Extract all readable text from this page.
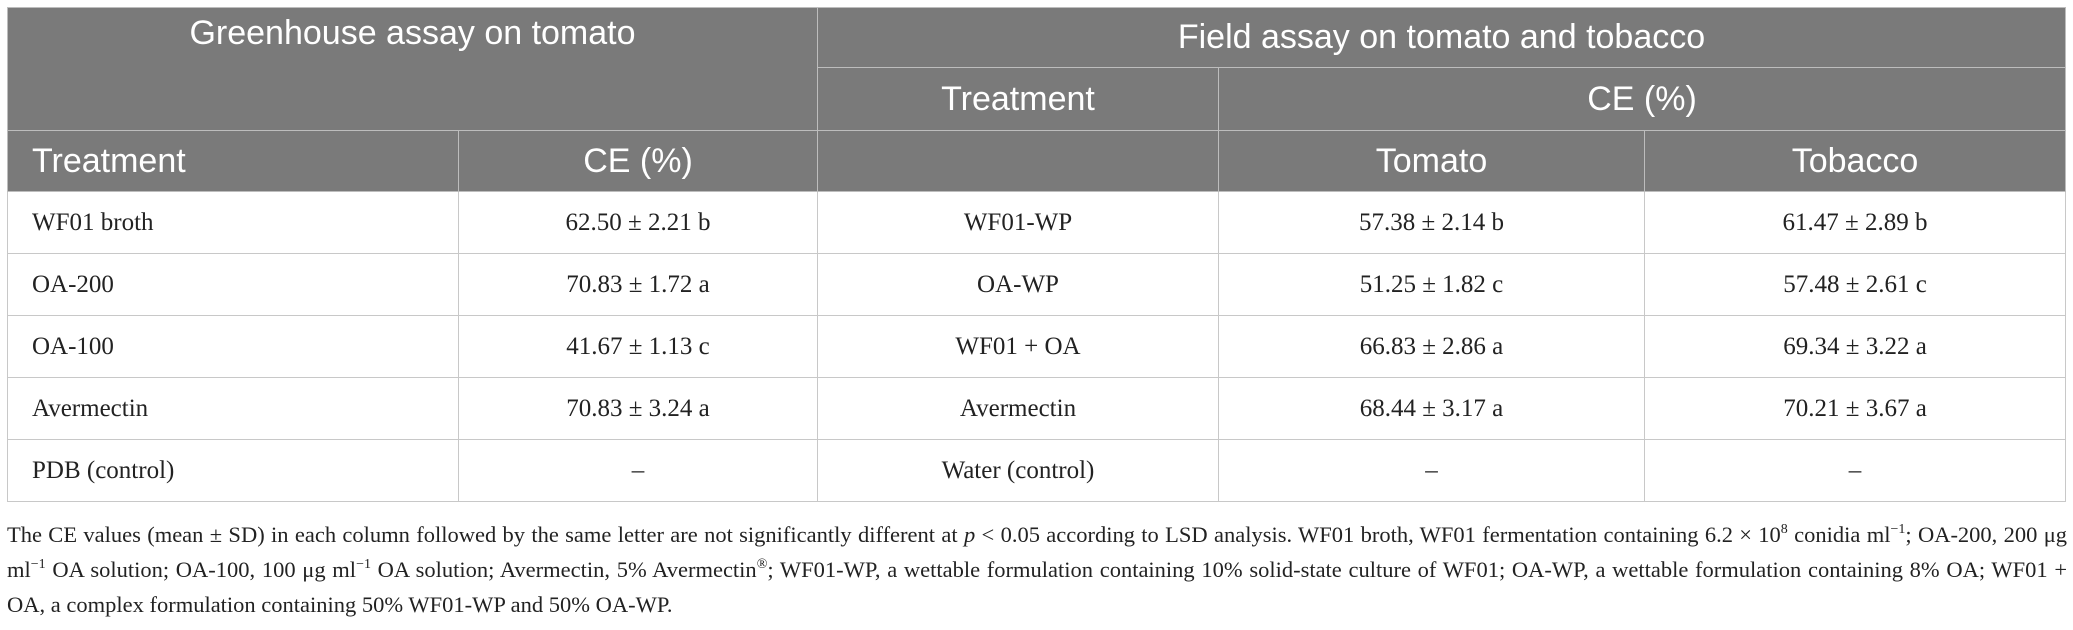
Greenhouse assay on tomato		Field assay on tomato and tobacco		
		Treatment	CE (%)	
Treatment	CE (%)		Tomato	Tobacco
WF01 broth	62.50 ± 2.21 b	WF01-WP	57.38 ± 2.14 b	61.47 ± 2.89 b
OA-200	70.83 ± 1.72 a	OA-WP	51.25 ± 1.82 c	57.48 ± 2.61 c
OA-100	41.67 ± 1.13 c	WF01 + OA	66.83 ± 2.86 a	69.34 ± 3.22 a
Avermectin	70.83 ± 3.24 a	Avermectin	68.44 ± 3.17 a	70.21 ± 3.67 a
PDB (control)	–	Water (control)	–	–
The CE values (mean ± SD) in each column followed by the same letter are not significantly different at p < 0.05 according to LSD analysis. WF01 broth, WF01 fermentation containing $6.2 \times 10^8$ conidia $ml^{-1}$; OA-200, 200 μg $ml^{-1}$ OA solution; OA-100, 100 μg $ml^{-1}$ OA solution; Avermectin, 5% Avermectin®; WF01-WP, a wettable formulation containing 10% solid-state culture of WF01; OA-WP, a wettable formulation containing 8% OA; WF01 + OA, a complex formulation containing 50% WF01-WP and 50% OA-WP.
